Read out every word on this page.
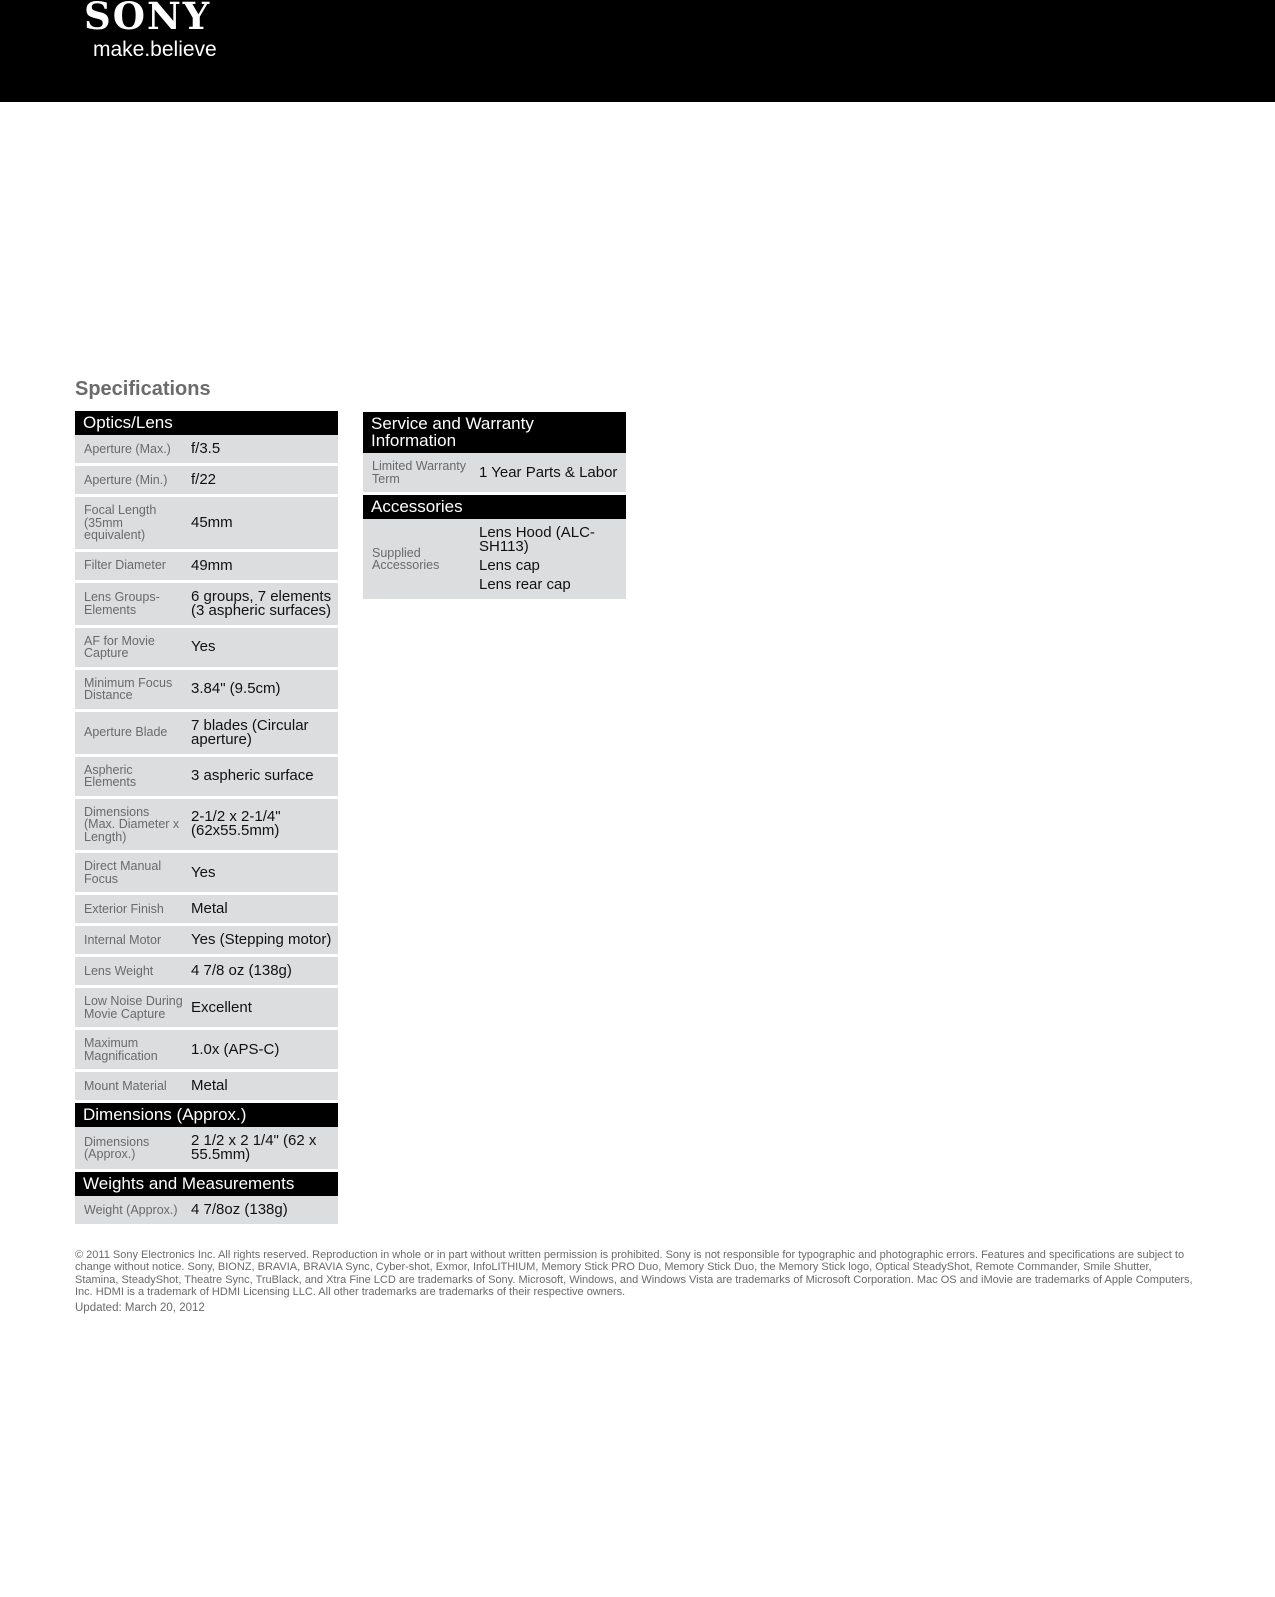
SONY
make.believe
Specifications
Optics/Lens	
Aperture (Max.)	f/3.5

Aperture (Min.)	f/22

Focal Length (35mm equivalent)	45mm

Filter Diameter	49mm

Lens Groups-Elements	6 groups, 7 elements (3 aspheric surfaces)

AF for Movie Capture	Yes

Minimum Focus Distance	3.84" (9.5cm)

Aperture Blade	7 blades (Circular aperture)

Aspheric Elements	3 aspheric surface

Dimensions (Max. Diameter x Length)	2-1/2 x 2-1/4" (62x55.5mm)

Direct Manual Focus	Yes

Exterior Finish	Metal

Internal Motor	Yes (Stepping motor)

Lens Weight	4 7/8 oz (138g)

Low Noise During Movie Capture	Excellent

Maximum Magnification	1.0x (APS-C)

Mount Material	Metal

Dimensions (Approx.)	
Dimensions (Approx.)	2 1/2 x 2 1/4" (62 x 55.5mm)

Weights and Measurements	
Weight (Approx.)	4 7/8oz (138g)
Service and Warranty Information	
Limited Warranty Term	1 Year Parts & Labor

Accessories	
Supplied Accessories	Lens Hood (ALC-SH113)
Lens cap
Lens rear cap
© 2011 Sony Electronics Inc. All rights reserved. Reproduction in whole or in part without written permission is prohibited. Sony is not responsible for typographic and photographic errors. Features and specifications are subject to change without notice. Sony, BIONZ, BRAVIA, BRAVIA Sync, Cyber-shot, Exmor, InfoLITHIUM, Memory Stick PRO Duo, Memory Stick Duo, the Memory Stick logo, Optical SteadyShot, Remote Commander, Smile Shutter, Stamina, SteadyShot, Theatre Sync, TruBlack, and Xtra Fine LCD are trademarks of Sony. Microsoft, Windows, and Windows Vista are trademarks of Microsoft Corporation. Mac OS and iMovie are trademarks of Apple Computers, Inc. HDMI is a trademark of HDMI Licensing LLC. All other trademarks are trademarks of their respective owners.
Updated: March 20, 2012
